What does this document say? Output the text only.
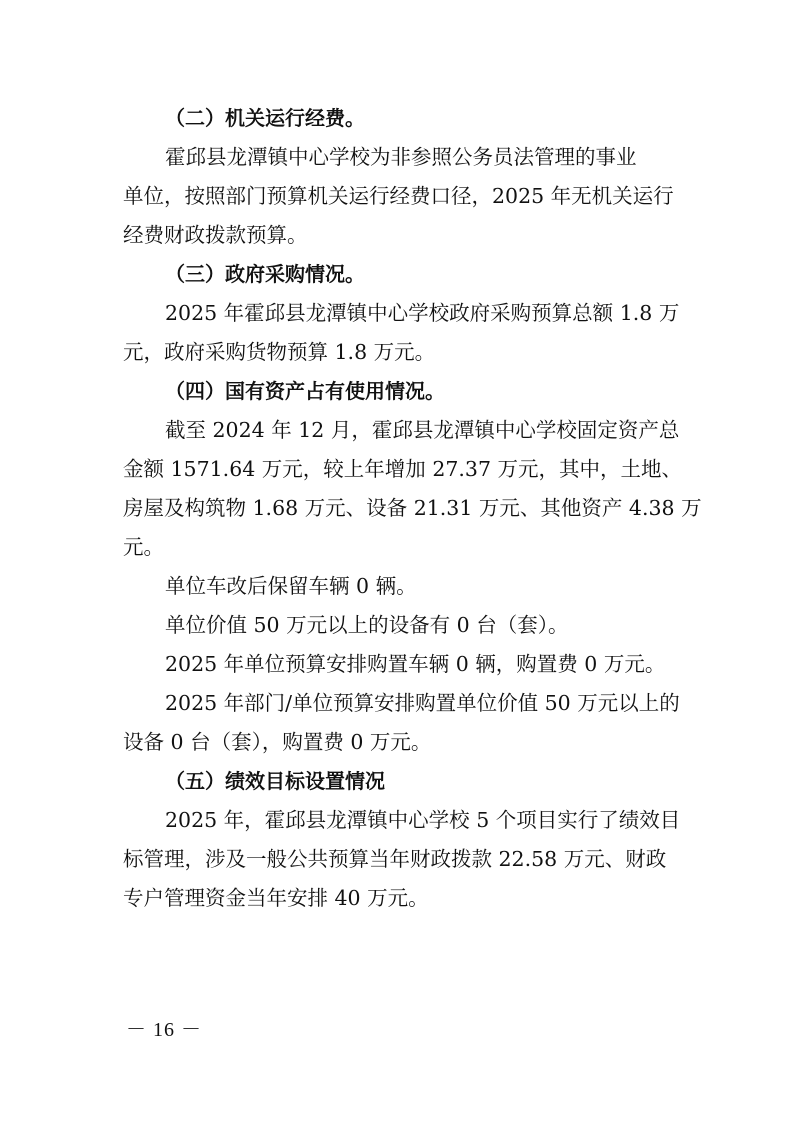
（二）机关运行经费。

霍邱县龙潭镇中心学校为非参照公务员法管理的事业

单位，按照部门预算机关运行经费口径，2025 年无机关运行

经费财政拨款预算。

（三）政府采购情况。

2025 年霍邱县龙潭镇中心学校政府采购预算总额 1.8 万

元，政府采购货物预算 1.8 万元。

（四）国有资产占有使用情况。

截至 2024 年 12 月，霍邱县龙潭镇中心学校固定资产总

金额 1571.64 万元，较上年增加 27.37 万元，其中，土地、

房屋及构筑物 1.68 万元、设备 21.31 万元、其他资产 4.38 万

元。

单位车改后保留车辆 0 辆。

单位价值 50 万元以上的设备有 0 台（套）。

2025 年单位预算安排购置车辆 0 辆，购置费 0 万元。

2025 年部门/单位预算安排购置单位价值 50 万元以上的

设备 0 台（套），购置费 0 万元。

（五）绩效目标设置情况

2025 年，霍邱县龙潭镇中心学校 5 个项目实行了绩效目

标管理，涉及一般公共预算当年财政拨款 22.58 万元、财政

专户管理资金当年安排 40 万元。

－ 16 －
